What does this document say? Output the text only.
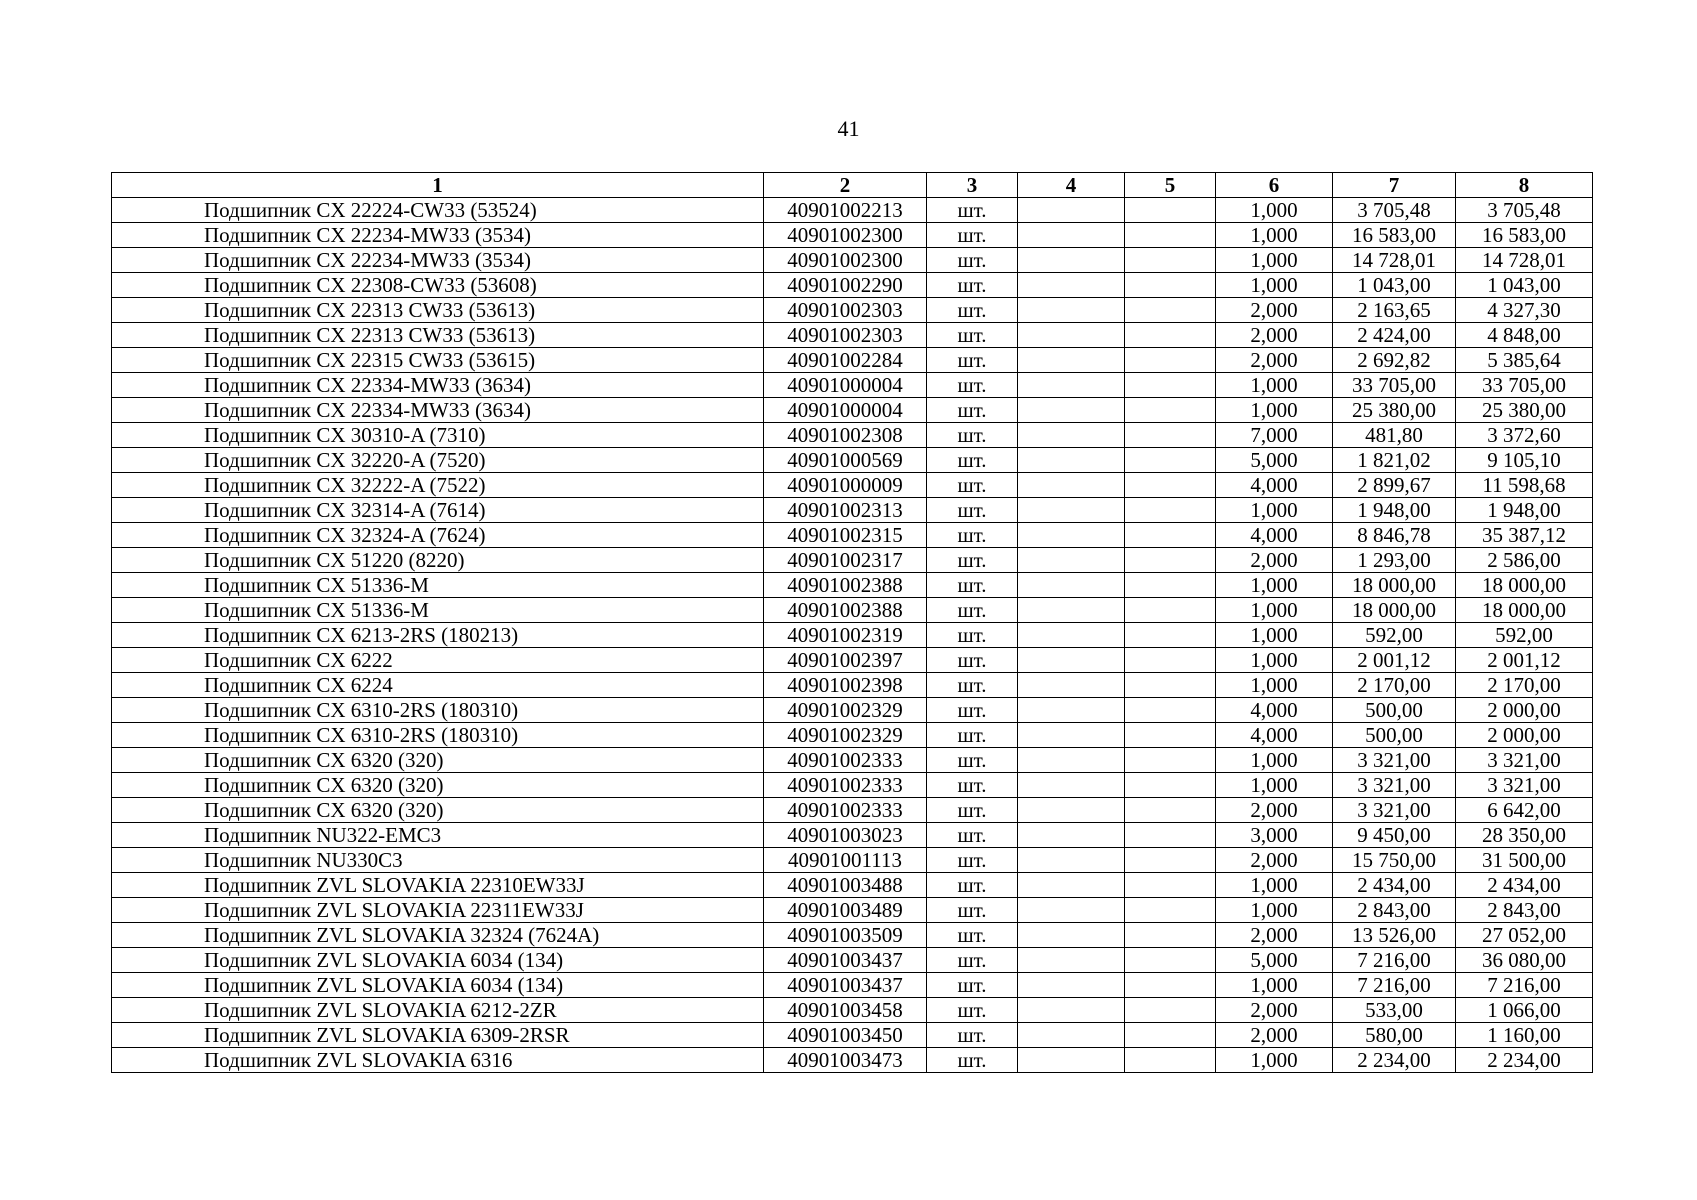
41
1	2	3	4	5	6	7	8
Подшипник CX 22224-CW33 (53524)	40901002213	шт.			1,000	3 705,48	3 705,48
Подшипник CX 22234-MW33 (3534)	40901002300	шт.			1,000	16 583,00	16 583,00
Подшипник CX 22234-MW33 (3534)	40901002300	шт.			1,000	14 728,01	14 728,01
Подшипник CX 22308-CW33 (53608)	40901002290	шт.			1,000	1 043,00	1 043,00
Подшипник CX 22313 CW33 (53613)	40901002303	шт.			2,000	2 163,65	4 327,30
Подшипник CX 22313 CW33 (53613)	40901002303	шт.			2,000	2 424,00	4 848,00
Подшипник CX 22315 CW33 (53615)	40901002284	шт.			2,000	2 692,82	5 385,64
Подшипник CX 22334-MW33 (3634)	40901000004	шт.			1,000	33 705,00	33 705,00
Подшипник CX 22334-MW33 (3634)	40901000004	шт.			1,000	25 380,00	25 380,00
Подшипник CX 30310-A (7310)	40901002308	шт.			7,000	481,80	3 372,60
Подшипник CX 32220-A (7520)	40901000569	шт.			5,000	1 821,02	9 105,10
Подшипник CX 32222-A (7522)	40901000009	шт.			4,000	2 899,67	11 598,68
Подшипник CX 32314-A (7614)	40901002313	шт.			1,000	1 948,00	1 948,00
Подшипник CX 32324-A (7624)	40901002315	шт.			4,000	8 846,78	35 387,12
Подшипник CX 51220 (8220)	40901002317	шт.			2,000	1 293,00	2 586,00
Подшипник CX 51336-M	40901002388	шт.			1,000	18 000,00	18 000,00
Подшипник CX 51336-M	40901002388	шт.			1,000	18 000,00	18 000,00
Подшипник CX 6213-2RS (180213)	40901002319	шт.			1,000	592,00	592,00
Подшипник CX 6222	40901002397	шт.			1,000	2 001,12	2 001,12
Подшипник CX 6224	40901002398	шт.			1,000	2 170,00	2 170,00
Подшипник CX 6310-2RS (180310)	40901002329	шт.			4,000	500,00	2 000,00
Подшипник CX 6310-2RS (180310)	40901002329	шт.			4,000	500,00	2 000,00
Подшипник CX 6320 (320)	40901002333	шт.			1,000	3 321,00	3 321,00
Подшипник CX 6320 (320)	40901002333	шт.			1,000	3 321,00	3 321,00
Подшипник CX 6320 (320)	40901002333	шт.			2,000	3 321,00	6 642,00
Подшипник NU322-EMC3	40901003023	шт.			3,000	9 450,00	28 350,00
Подшипник NU330C3	40901001113	шт.			2,000	15 750,00	31 500,00
Подшипник ZVL SLOVAKIA 22310EW33J	40901003488	шт.			1,000	2 434,00	2 434,00
Подшипник ZVL SLOVAKIA 22311EW33J	40901003489	шт.			1,000	2 843,00	2 843,00
Подшипник ZVL SLOVAKIA 32324 (7624A)	40901003509	шт.			2,000	13 526,00	27 052,00
Подшипник ZVL SLOVAKIA 6034 (134)	40901003437	шт.			5,000	7 216,00	36 080,00
Подшипник ZVL SLOVAKIA 6034 (134)	40901003437	шт.			1,000	7 216,00	7 216,00
Подшипник ZVL SLOVAKIA 6212-2ZR	40901003458	шт.			2,000	533,00	1 066,00
Подшипник ZVL SLOVAKIA 6309-2RSR	40901003450	шт.			2,000	580,00	1 160,00
Подшипник ZVL SLOVAKIA 6316	40901003473	шт.			1,000	2 234,00	2 234,00
